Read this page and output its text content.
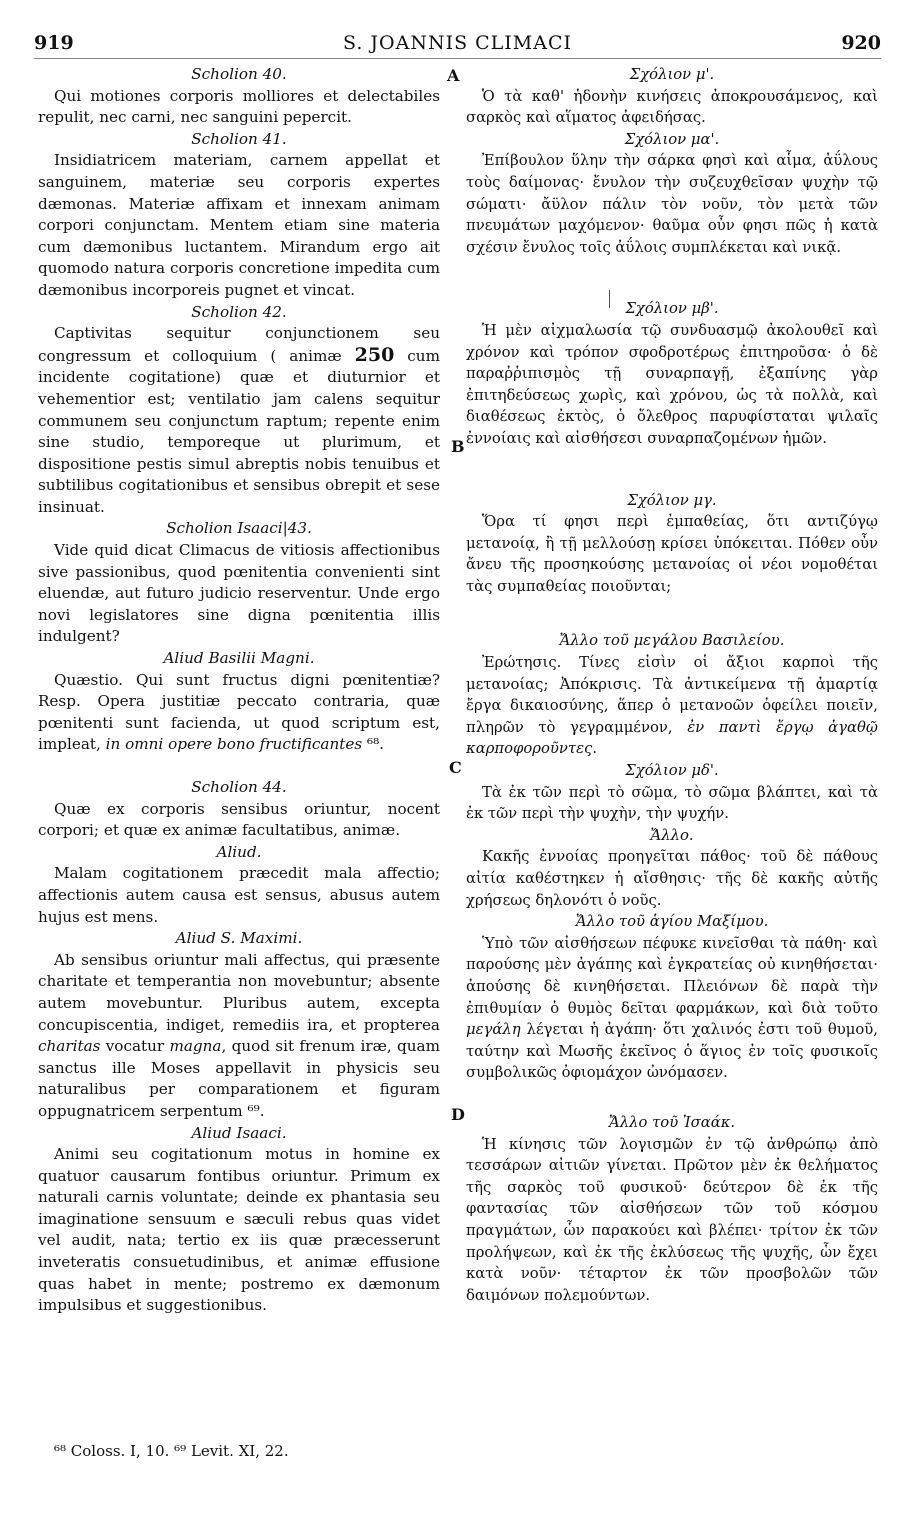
919	S. JOANNIS CLIMACI	920
A
B
C
D

Scholion 40.

Qui motiones corporis molliores et delectabiles repulit, nec carni, nec sanguini pepercit.

Scholion 41.

Insidiatricem materiam, carnem appellat et sanguinem, materiæ seu corporis expertes dæmonas. Materiæ affixam et innexam animam corpori conjunctam. Mentem etiam sine materia cum dæmonibus luctantem. Mirandum ergo ait quomodo natura corporis concretione impedita cum dæmonibus incorporeis pugnet et vincat.

Scholion 42.

Captivitas sequitur conjunctionem seu congressum et colloquium ( animæ 250 cum incidente cogitatione) quæ et diuturnior et vehementior est; ventilatio jam calens sequitur communem seu conjunctum raptum; repente enim sine studio, temporeque ut plurimum, et dispositione pestis simul abreptis nobis tenuibus et subtilibus cogitationibus et sensibus obrepit et sese insinuat.

Scholion Isaaci|43.

Vide quid dicat Climacus de vitiosis affectionibus sive passionibus, quod pœnitentia convenienti sint eluendæ, aut futuro judicio reserventur. Unde ergo novi legislatores sine digna pœnitentia illis indulgent?

Aliud Basilii Magni.

Quæstio. Qui sunt fructus digni pœnitentiæ? Resp. Opera justitiæ peccato contraria, quæ pœnitenti sunt facienda, ut quod scriptum est, impleat, in omni opere bono fructificantes ⁶⁸.

Scholion 44.

Quæ ex corporis sensibus oriuntur, nocent corpori; et quæ ex animæ facultatibus, animæ.

Aliud.

Malam cogitationem præcedit mala affectio; affectionis autem causa est sensus, abusus autem hujus est mens.

Aliud S. Maximi.

Ab sensibus oriuntur mali affectus, qui præsente charitate et temperantia non movebuntur; absente autem movebuntur. Pluribus autem, excepta concupiscentia, indiget, remediis ira, et propterea charitas vocatur magna, quod sit frenum iræ, quam sanctus ille Moses appellavit in physicis seu naturalibus per comparationem et figuram oppugnatricem serpentum ⁶⁹.

Aliud Isaaci.

Animi seu cogitationum motus in homine ex quatuor causarum fontibus oriuntur. Primum ex naturali carnis voluntate; deinde ex phantasia seu imaginatione sensuum e sæculi rebus quas videt vel audit, nata; tertio ex iis quæ præcesserunt inveteratis consuetudinibus, et animæ effusione quas habet in mente; postremo ex dæmonum impulsibus et suggestionibus.

Σχόλιον μ'.

Ὁ τὰ καθ' ἡδονὴν κινήσεις ἀποκρουσάμενος, καὶ σαρκὸς καὶ αἵματος ἀφειδήσας.

Σχόλιον μα'.

Ἐπίβουλον ὕλην τὴν σάρκα φησὶ καὶ αἷμα, ἀΰλους τοὺς δαίμονας· ἔνυλον τὴν συζευχθεῖσαν ψυχὴν τῷ σώματι· ἄϋλον πάλιν τὸν νοῦν, τὸν μετὰ τῶν πνευμάτων μαχόμενον· θαῦμα οὖν φησι πῶς ἡ κατὰ σχέσιν ἔνυλος τοῖς ἀΰλοις συμπλέκεται καὶ νικᾷ.

Σχόλιον μβ'.

Ἡ μὲν αἰχμαλωσία τῷ συνδυασμῷ ἀκολουθεῖ καὶ χρόνον καὶ τρόπον σφοδροτέρως ἐπιτηροῦσα· ὁ δὲ παραῤῥιπισμὸς τῇ συναρπαγῇ, ἐξαπίνης γὰρ ἐπιτηδεύσεως χωρὶς, καὶ χρόνου, ὡς τὰ πολλὰ, καὶ διαθέσεως ἐκτὸς, ὁ ὄλεθρος παρυφίσταται ψιλαῖς ἐννοίαις καὶ αἰσθήσεσι συναρπαζομένων ἡμῶν.

Σχόλιον μγ.

Ὅρα τί φησι περὶ ἐμπαθείας, ὅτι αντιζύγῳ μετανοίᾳ, ἢ τῇ μελλούσῃ κρίσει ὑπόκειται. Πόθεν οὖν ἄνευ τῆς προσηκούσης μετανοίας οἱ νέοι νομοθέται τὰς συμπαθείας ποιοῦνται;

Ἄλλο τοῦ μεγάλου Βασιλείου.

Ἐρώτησις. Τίνες εἰσὶν οἱ ἄξιοι καρποὶ τῆς μετανοίας; Ἀπόκρισις. Τὰ ἀντικείμενα τῇ ἁμαρτίᾳ ἔργα δικαιοσύνης, ἅπερ ὁ μετανοῶν ὀφείλει ποιεῖν, πληρῶν τὸ γεγραμμένον, ἐν παντὶ ἔργῳ ἀγαθῷ καρποφοροῦντες.

Σχόλιον μδ'.

Τὰ ἐκ τῶν περὶ τὸ σῶμα, τὸ σῶμα βλάπτει, καὶ τὰ ἐκ τῶν περὶ τὴν ψυχὴν, τὴν ψυχήν.

Ἄλλο.

Κακῆς ἐννοίας προηγεῖται πάθος· τοῦ δὲ πάθους αἰτία καθέστηκεν ἡ αἴσθησις· τῆς δὲ κακῆς αὐτῆς χρήσεως δηλονότι ὁ νοῦς.

Ἄλλο τοῦ ἁγίου Μαξίμου.

Ὑπὸ τῶν αἰσθήσεων πέφυκε κινεῖσθαι τὰ πάθη· καὶ παρούσης μὲν ἀγάπης καὶ ἐγκρατείας οὐ κινηθήσεται· ἀπούσης δὲ κινηθήσεται. Πλειόνων δὲ παρὰ τὴν ἐπιθυμίαν ὁ θυμὸς δεῖται φαρμάκων, καὶ διὰ τοῦτο μεγάλη λέγεται ἡ ἀγάπη· ὅτι χαλινός ἐστι τοῦ θυμοῦ, ταύτην καὶ Μωσῆς ἐκεῖνος ὁ ἅγιος ἐν τοῖς φυσικοῖς συμβολικῶς ὀφιομάχον ὠνόμασεν.

Ἄλλο τοῦ Ἰσαάκ.

Ἡ κίνησις τῶν λογισμῶν ἐν τῷ ἀνθρώπῳ ἀπὸ τεσσάρων αἰτιῶν γίνεται. Πρῶτον μὲν ἐκ θελήματος τῆς σαρκὸς τοῦ φυσικοῦ· δεύτερον δὲ ἐκ τῆς φαντασίας τῶν αἰσθήσεων τῶν τοῦ κόσμου πραγμάτων, ὧν παρακούει καὶ βλέπει· τρίτον ἐκ τῶν προλήψεων, καὶ ἐκ τῆς ἐκλύσεως τῆς ψυχῆς, ὧν ἔχει κατὰ νοῦν· τέταρτον ἐκ τῶν προσβολῶν τῶν δαιμόνων πολεμούντων.

⁶⁸ Coloss. I, 10. ⁶⁹ Levit. XI, 22.
